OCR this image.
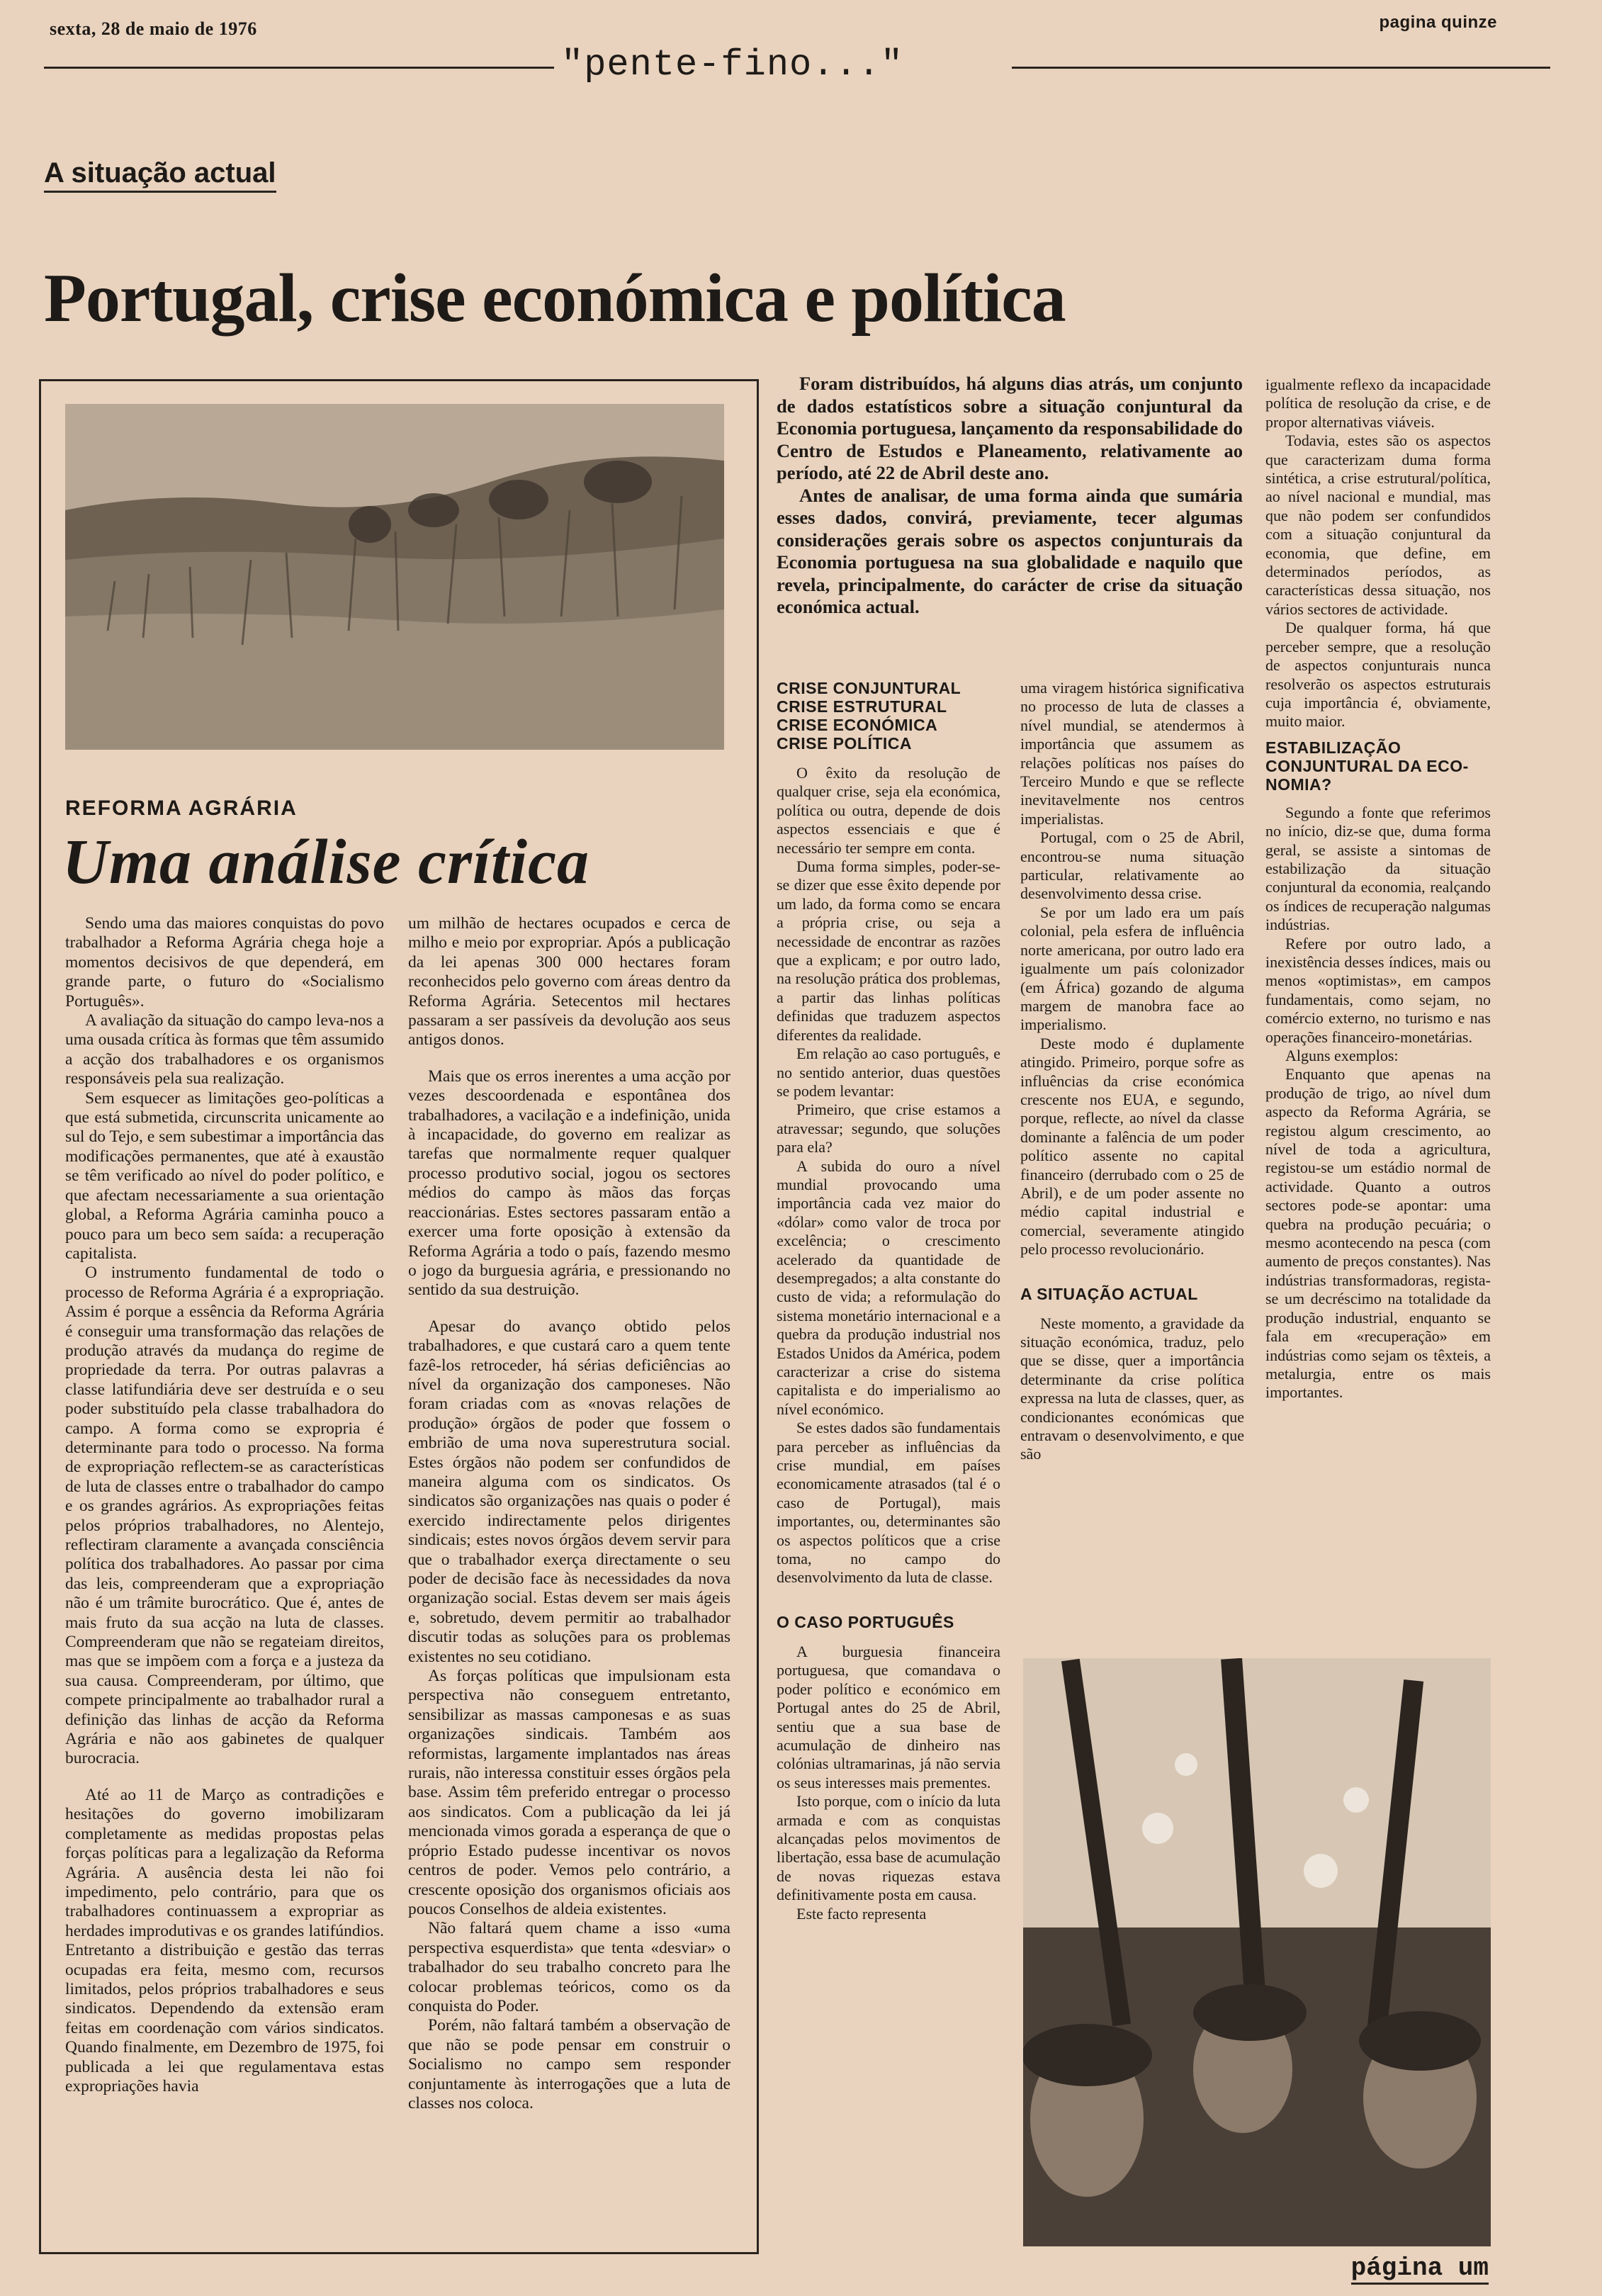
sexta, 28 de maio de 1976	pagina quinze
"pente-fino..."
A situação actual
Portugal, crise económica e política
REFORMA AGRÁRIA
Uma análise crítica

Sendo uma das maiores conquistas do povo trabalhador a Reforma Agrária chega hoje a momentos decisivos de que dependerá, em grande parte, o futuro do «Socialismo Português».

A avaliação da situação do campo leva-nos a uma ousada crítica às formas que têm assumido a acção dos trabalhadores e os organismos responsáveis pela sua realização.

Sem esquecer as limitações geo-políticas a que está submetida, circunscrita unicamente ao sul do Tejo, e sem subestimar a importância das modificações permanentes, que até à exaustão se têm verificado ao nível do poder político, e que afectam necessariamente a sua orientação global, a Reforma Agrária caminha pouco a pouco para um beco sem saída: a recuperação capitalista.

O instrumento fundamental de todo o processo de Reforma Agrária é a expropriação. Assim é porque a essência da Reforma Agrária é conseguir uma transformação das relações de produção através da mudança do regime de propriedade da terra. Por outras palavras a classe latifundiária deve ser destruída e o seu poder substituído pela classe trabalhadora do campo. A forma como se expropria é determinante para todo o processo. Na forma de expropriação reflectem-se as características de luta de classes entre o trabalhador do campo e os grandes agrários. As expropriações feitas pelos próprios trabalhadores, no Alentejo, reflectiram claramente a avançada consciência política dos trabalhadores. Ao passar por cima das leis, compreenderam que a expropriação não é um trâmite burocrático. Que é, antes de mais fruto da sua acção na luta de classes. Compreenderam que não se regateiam direitos, mas que se impõem com a força e a justeza da sua causa. Compreenderam, por último, que compete principalmente ao trabalhador rural a definição das linhas de acção da Reforma Agrária e não aos gabinetes de qualquer burocracia.

Até ao 11 de Março as contradições e hesitações do governo imobilizaram completamente as medidas propostas pelas forças políticas para a legalização da Reforma Agrária. A ausência desta lei não foi impedimento, pelo contrário, para que os trabalhadores continuassem a expropriar as herdades improdutivas e os grandes latifúndios. Entretanto a distribuição e gestão das terras ocupadas era feita, mesmo com, recursos limitados, pelos próprios trabalhadores e seus sindicatos. Dependendo da extensão eram feitas em coordenação com vários sindicatos. Quando finalmente, em Dezembro de 1975, foi publicada a lei que regulamentava estas expropriações havia

um milhão de hectares ocupados e cerca de milho e meio por expropriar. Após a publicação da lei apenas 300 000 hectares foram reconhecidos pelo governo com áreas dentro da Reforma Agrária. Setecentos mil hectares passaram a ser passíveis da devolução aos seus antigos donos.

Mais que os erros inerentes a uma acção por vezes descoordenada e espontânea dos trabalhadores, a vacilação e a indefinição, unida à incapacidade, do governo em realizar as tarefas que normalmente requer qualquer processo produtivo social, jogou os sectores médios do campo às mãos das forças reaccionárias. Estes sectores passaram então a exercer uma forte oposição à extensão da Reforma Agrária a todo o país, fazendo mesmo o jogo da burguesia agrária, e pressionando no sentido da sua destruição.

Apesar do avanço obtido pelos trabalhadores, e que custará caro a quem tente fazê-los retroceder, há sérias deficiências ao nível da organização dos camponeses. Não foram criadas com as «novas relações de produção» órgãos de poder que fossem o embrião de uma nova superestrutura social. Estes órgãos não podem ser confundidos de maneira alguma com os sindicatos. Os sindicatos são organizações nas quais o poder é exercido indirectamente pelos dirigentes sindicais; estes novos órgãos devem servir para que o trabalhador exerça directamente o seu poder de decisão face às necessidades da nova organização social. Estas devem ser mais ágeis e, sobretudo, devem permitir ao trabalhador discutir todas as soluções para os problemas existentes no seu cotidiano.

As forças políticas que impulsionam esta perspectiva não conseguem entretanto, sensibilizar as massas camponesas e as suas organizações sindicais. Também aos reformistas, largamente implantados nas áreas rurais, não interessa constituir esses órgãos pela base. Assim têm preferido entregar o processo aos sindicatos. Com a publicação da lei já mencionada vimos gorada a esperança de que o próprio Estado pudesse incentivar os novos centros de poder. Vemos pelo contrário, a crescente oposição dos organismos oficiais aos poucos Conselhos de aldeia existentes.

Não faltará quem chame a isso «uma perspectiva esquerdista» que tenta «desviar» o trabalhador do seu trabalho concreto para lhe colocar problemas teóricos, como os da conquista do Poder.

Porém, não faltará também a observação de que não se pode pensar em construir o Socialismo no campo sem responder conjuntamente às interrogações que a luta de classes nos coloca.

Foram distribuídos, há alguns dias atrás, um conjunto de dados estatísticos sobre a situação conjuntural da Economia portuguesa, lançamento da responsabilidade do Centro de Estudos e Planeamento, relativamente ao período, até 22 de Abril deste ano.

Antes de analisar, de uma forma ainda que sumária esses dados, convirá, previamente, tecer algumas considerações gerais sobre os aspectos conjunturais da Economia portuguesa na sua globalidade e naquilo que revela, principalmente, do carácter de crise da situação económica actual.

CRISE CONJUNTURAL
CRISE ESTRUTURAL
CRISE ECONÓMICA
CRISE POLÍTICA

O êxito da resolução de qualquer crise, seja ela económica, política ou outra, depende de dois aspectos essenciais e que é necessário ter sempre em conta.

Duma forma simples, poder-se-se dizer que esse êxito depende por um lado, da forma como se encara a própria crise, ou seja a necessidade de encontrar as razões que a explicam; e por outro lado, na resolução prática dos problemas, a partir das linhas políticas definidas que traduzem aspectos diferentes da realidade.

Em relação ao caso português, e no sentido anterior, duas questões se podem levantar:

Primeiro, que crise estamos a atravessar; segundo, que soluções para ela?

A subida do ouro a nível mundial provocando uma importância cada vez maior do «dólar» como valor de troca por excelência; o crescimento acelerado da quantidade de desempregados; a alta constante do custo de vida; a reformulação do sistema monetário internacional e a quebra da produção industrial nos Estados Unidos da América, podem caracterizar a crise do sistema capitalista e do imperialismo ao nível económico.

Se estes dados são fundamentais para perceber as influências da crise mundial, em países economicamente atrasados (tal é o caso de Portugal), mais importantes, ou, determinantes são os aspectos políticos que a crise toma, no campo do desenvolvimento da luta de classe.

O CASO PORTUGUÊS

A burguesia financeira portuguesa, que comandava o poder político e económico em Portugal antes do 25 de Abril, sentiu que a sua base de acumulação de dinheiro nas colónias ultramarinas, já não servia os seus interesses mais prementes.

Isto porque, com o início da luta armada e com as conquistas alcançadas pelos movimentos de libertação, essa base de acumulação de novas riquezas estava definitivamente posta em causa.

Este facto representa

uma viragem histórica significativa no processo de luta de classes a nível mundial, se atendermos à importância que assumem as relações políticas nos países do Terceiro Mundo e que se reflecte inevitavelmente nos centros imperialistas.

Portugal, com o 25 de Abril, encontrou-se numa situação particular, relativamente ao desenvolvimento dessa crise.

Se por um lado era um país colonial, pela esfera de influência norte americana, por outro lado era igualmente um país colonizador (em África) gozando de alguma margem de manobra face ao imperialismo.

Deste modo é duplamente atingido. Primeiro, porque sofre as influências da crise económica crescente nos EUA, e segundo, porque, reflecte, ao nível da classe dominante a falência de um poder político assente no capital financeiro (derrubado com o 25 de Abril), e de um poder assente no médio capital industrial e comercial, severamente atingido pelo processo revolucionário.

A SITUAÇÃO ACTUAL

Neste momento, a gravidade da situação económica, traduz, pelo que se disse, quer a importância determinante da crise política expressa na luta de classes, quer, as condicionantes económicas que entravam o desenvolvimento, e que são

igualmente reflexo da incapacidade política de resolução da crise, e de propor alternativas viáveis.

Todavia, estes são os aspectos que caracterizam duma forma sintética, a crise estrutural/política, ao nível nacional e mundial, mas que não podem ser confundidos com a situação conjuntural da economia, que define, em determinados períodos, as características dessa situação, nos vários sectores de actividade.

De qualquer forma, há que perceber sempre, que a resolução de aspectos conjunturais nunca resolverão os aspectos estruturais cuja importância é, obviamente, muito maior.

ESTABILIZAÇÃO
CONJUNTURAL DA ECO-
NOMIA?

Segundo a fonte que referimos no início, diz-se que, duma forma geral, se assiste a sintomas de estabilização da situação conjuntural da economia, realçando os índices de recuperação nalgumas indústrias.

Refere por outro lado, a inexistência desses índices, mais ou menos «optimistas», em campos fundamentais, como sejam, no comércio externo, no turismo e nas operações financeiro-monetárias.

Alguns exemplos:

Enquanto que apenas na produção de trigo, ao nível dum aspecto da Reforma Agrária, se registou algum crescimento, ao nível de toda a agricultura, registou-se um estádio normal de actividade. Quanto a outros sectores pode-se apontar: uma quebra na produção pecuária; o mesmo acontecendo na pesca (com aumento de preços constantes). Nas indústrias transformadoras, regista-se um decréscimo na totalidade da produção industrial, enquanto se fala em «recuperação» em indústrias como sejam os têxteis, a metalurgia, entre os mais importantes.

página um
